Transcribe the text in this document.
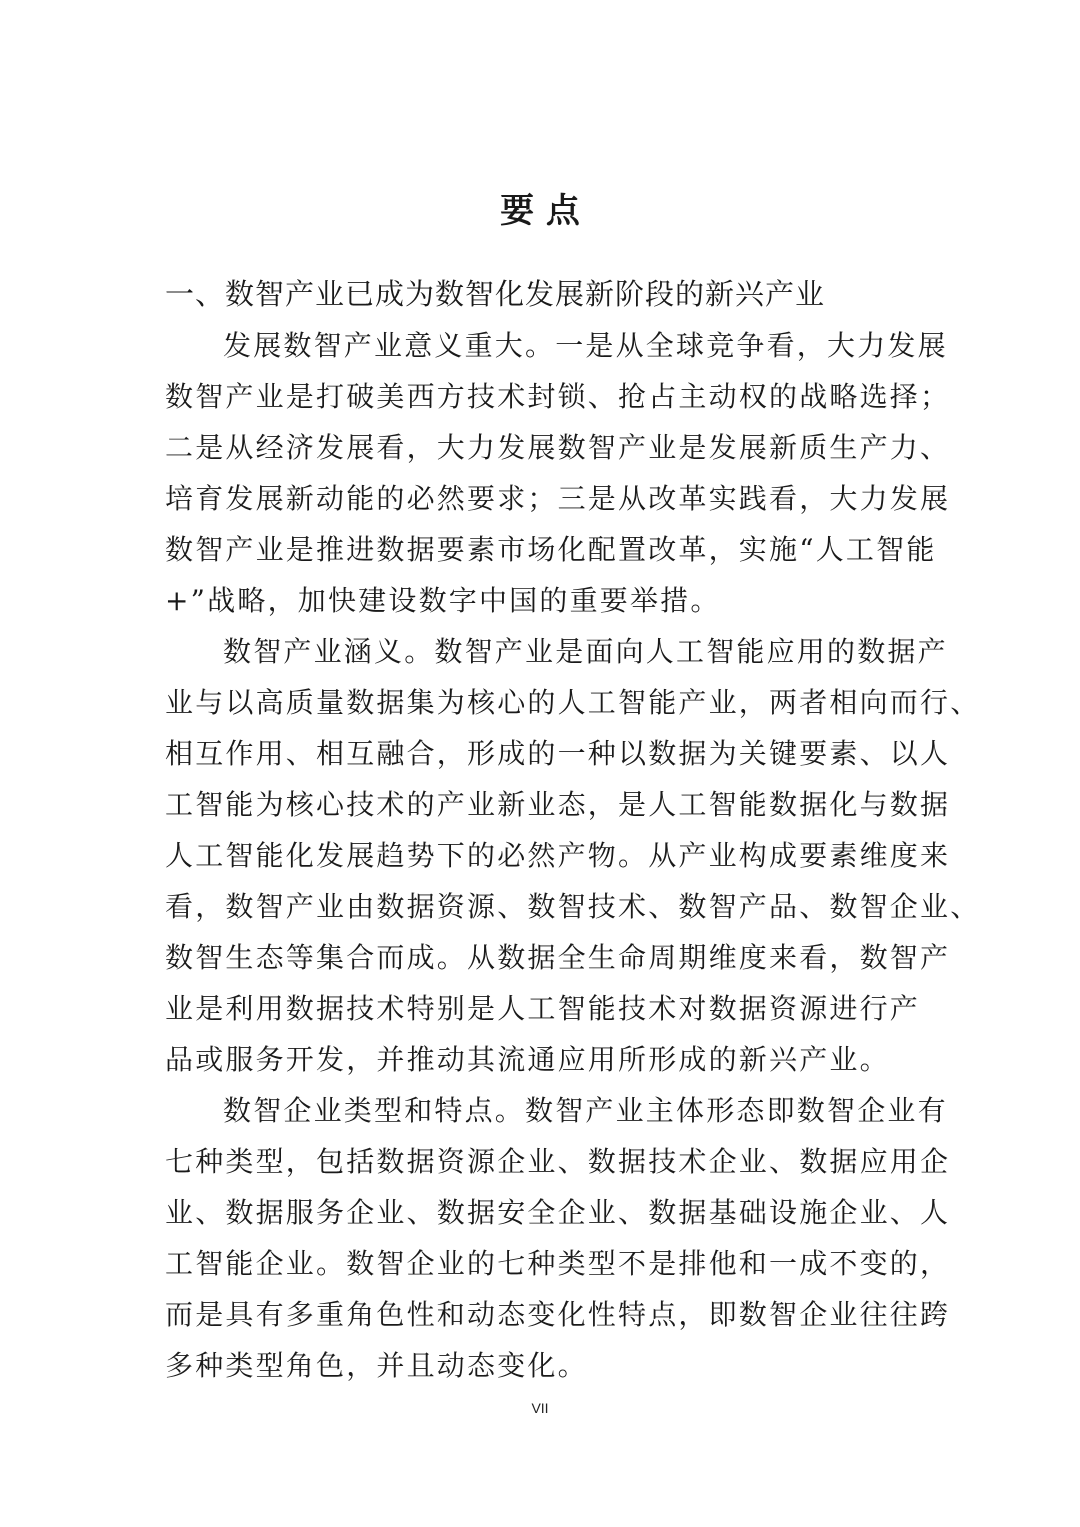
要 点
一、数智产业已成为数智化发展新阶段的新兴产业
发展数智产业意义重大。一是从全球竞争看，大力发展
数智产业是打破美西方技术封锁、抢占主动权的战略选择；
二是从经济发展看，大力发展数智产业是发展新质生产力、
培育发展新动能的必然要求；三是从改革实践看，大力发展
数智产业是推进数据要素市场化配置改革，实施“人工智能
+”战略，加快建设数字中国的重要举措。
数智产业涵义。数智产业是面向人工智能应用的数据产
业与以高质量数据集为核心的人工智能产业，两者相向而行、
相互作用、相互融合，形成的一种以数据为关键要素、以人
工智能为核心技术的产业新业态，是人工智能数据化与数据
人工智能化发展趋势下的必然产物。从产业构成要素维度来
看，数智产业由数据资源、数智技术、数智产品、数智企业、
数智生态等集合而成。从数据全生命周期维度来看，数智产
业是利用数据技术特别是人工智能技术对数据资源进行产
品或服务开发，并推动其流通应用所形成的新兴产业。
数智企业类型和特点。数智产业主体形态即数智企业有
七种类型，包括数据资源企业、数据技术企业、数据应用企
业、数据服务企业、数据安全企业、数据基础设施企业、人
工智能企业。数智企业的七种类型不是排他和一成不变的，
而是具有多重角色性和动态变化性特点，即数智企业往往跨
多种类型角色，并且动态变化。
VII
